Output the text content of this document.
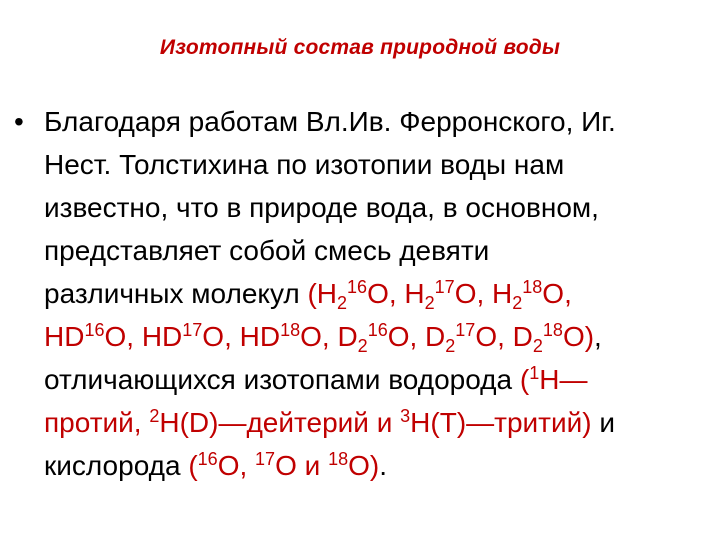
Изотопный состав природной воды
• Благодаря работам Вл.Ив. Ферронского, Иг.
Нест. Толстихина по изотопии воды нам
известно, что в природе вода, в основном,
представляет собой смесь девяти
различных молекул ($H_2^{16}O$, $H_2^{17}O$, $H_2^{18}O$,
HD$^{16}$O, HD$^{17}$O, HD$^{18}$O, $D_2^{16}O$, $D_2^{17}O$, $D_2^{18}O$),
отличающихся изотопами водорода ($^1$H—
протий, $^2$H(D)—дейтерий и $^3$H(T)—тритий) и
кислорода ($^{16}$O, $^{17}$O и $^{18}$O).
